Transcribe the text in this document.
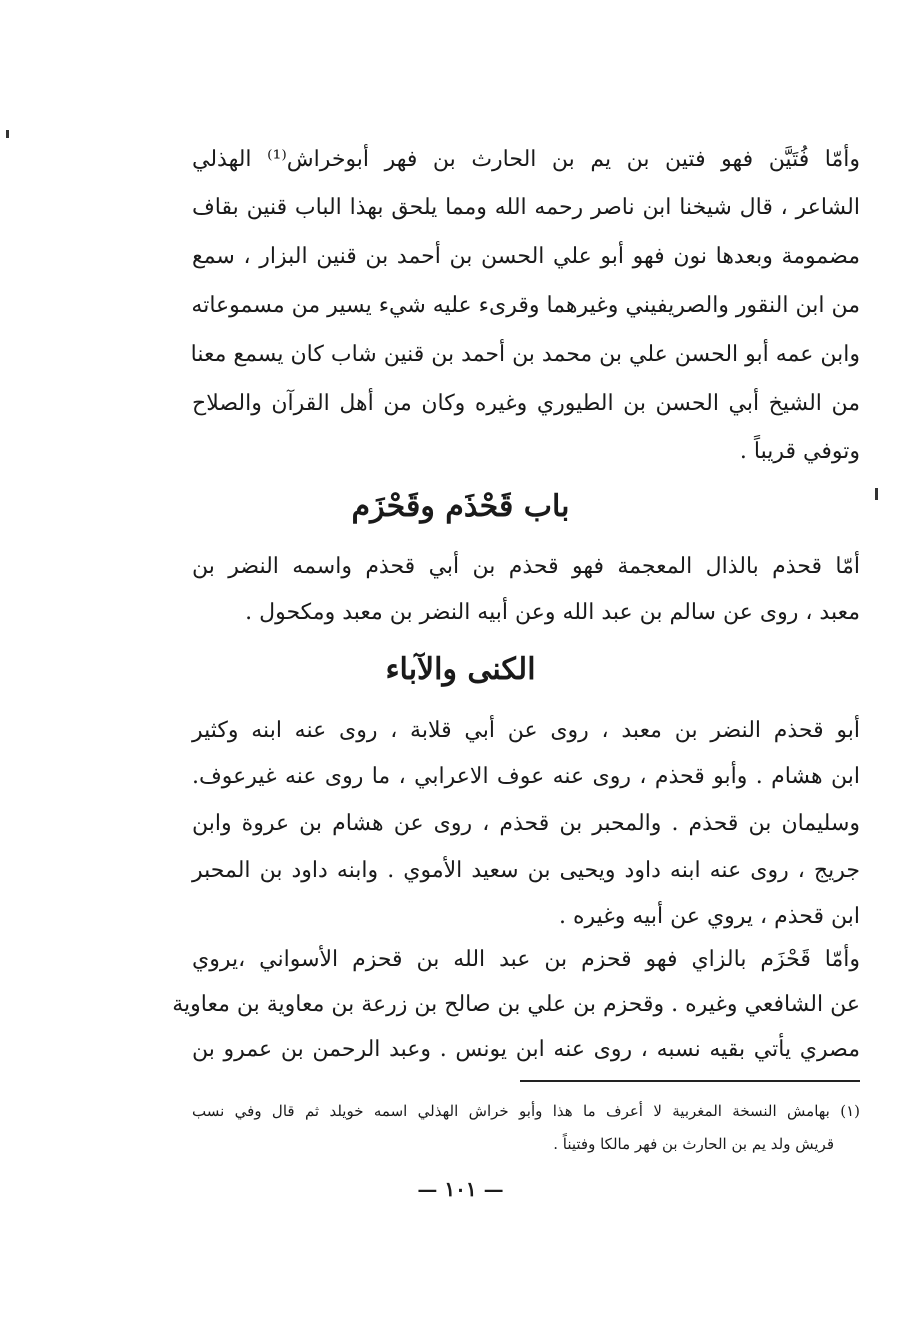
وأمّا فُتَيَّن فهو فتين بن يم بن الحارث بن فهر أبوخراش⁽¹⁾ الهذلي
الشاعر ، قال شيخنا ابن ناصر رحمه الله ومما يلحق بهذا الباب قنين بقاف
مضمومة وبعدها نون فهو أبو علي الحسن بن أحمد بن قنين البزار ، سمع
من ابن النقور والصريفيني وغيرهما وقرىء عليه شيء يسير من مسموعاته
وابن عمه أبو الحسن علي بن محمد بن أحمد بن قنين شاب كان يسمع معنا
من الشيخ أبي الحسن بن الطيوري وغيره وكان من أهل القرآن والصلاح
وتوفي قريباً .
باب قَحْذَم وقَحْزَم
أمّا قحذم بالذال المعجمة فهو قحذم بن أبي قحذم واسمه النضر بن
معبد ، روى عن سالم بن عبد الله وعن أبيه النضر بن معبد ومكحول .
الكنى والآباء
أبو قحذم النضر بن معبد ، روى عن أبي قلابة ، روى عنه ابنه وكثير
ابن هشام . وأبو قحذم ، روى عنه عوف الاعرابي ، ما روى عنه غيرعوف.
وسليمان بن قحذم . والمحبر بن قحذم ، روى عن هشام بن عروة وابن
جريج ، روى عنه ابنه داود ويحيى بن سعيد الأموي . وابنه داود بن المحبر
ابن قحذم ، يروي عن أبيه وغيره .
وأمّا قَحْزَم بالزاي فهو قحزم بن عبد الله بن قحزم الأسواني ،يروي
عن الشافعي وغيره . وقحزم بن علي بن صالح بن زرعة بن معاوية بن معاوية
مصري يأتي بقيه نسبه ، روى عنه ابن يونس . وعبد الرحمن بن عمرو بن
(١) بهامش النسخة المغربية لا أعرف ما هذا وأبو خراش الهذلي اسمه خويلد ثم قال وفي نسب
قريش ولد يم بن الحارث بن فهر مالكا وفتيناً .
— ١٠١ —
